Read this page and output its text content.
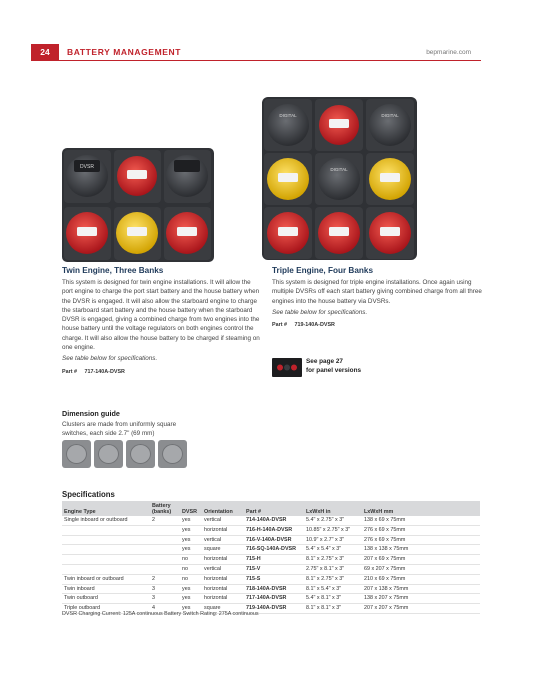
24	BATTERY MANAGEMENT	bepmarine.com
DVSR
DIGITAL	DIGITAL
DIGITAL
Twin Engine, Three Banks

This system is designed for twin engine installations. It will allow the port engine to charge the port start battery and the house battery when the DVSR is engaged. It will also allow the starboard engine to charge the starboard start battery and the house battery when the starboard DVSR is engaged, giving a combined charge from two engines into the house battery until the voltage regulators on both engines control the charge. It will also allow the house battery to be charged if steaming on one engine.

See table below for specifications.

Part # 717-140A-DVSR
Triple Engine, Four Banks

This system is designed for triple engine installations. Once again using multiple DVSRs off each start battery giving combined charge from all three engines into the house battery via DVSRs.

See table below for specifications.

Part # 719-140A-DVSR
See page 27
for panel versions
Dimension guide

Clusters are made from uniformly square

switches, each side 2.7" (69 mm)

Specifications
Engine Type	Battery (banks)	DVSR	Orientation	Part #	LxWxH in	LxWxH mm
Single inboard or outboard	2	yes	vertical	714-140A-DVSR	5.4" x 2.75" x 3"	138 x 69 x 75mm
		yes	horizontal	716-H-140A-DVSR	10.85" x 2.75" x 3"	276 x 69 x 75mm
		yes	vertical	716-V-140A-DVSR	10.9" x 2.7" x 3"	276 x 69 x 75mm
		yes	square	716-SQ-140A-DVSR	5.4" x 5.4" x 3"	138 x 138 x 75mm
		no	horizontal	715-H	8.1" x 2.75" x 3"	207 x 69 x 75mm
		no	vertical	715-V	2.75" x 8.1" x 3"	69 x 207 x 75mm
Twin inboard or outboard	2	no	horizontal	715-S	8.1" x 2.75" x 3"	210 x 69 x 75mm
Twin inboard	3	yes	horizontal	718-140A-DVSR	8.1" x 5.4" x 3"	207 x 138 x 75mm
Twin outboard	3	yes	horizontal	717-140A-DVSR	5.4" x 8.1" x 3"	138 x 207 x 75mm
Triple outboard	4	yes	square	719-140A-DVSR	8.1" x 8.1" x 3"	207 x 207 x 75mm
DVSR Charging Current: 125A continuous Battery Switch Rating: 275A continuous
